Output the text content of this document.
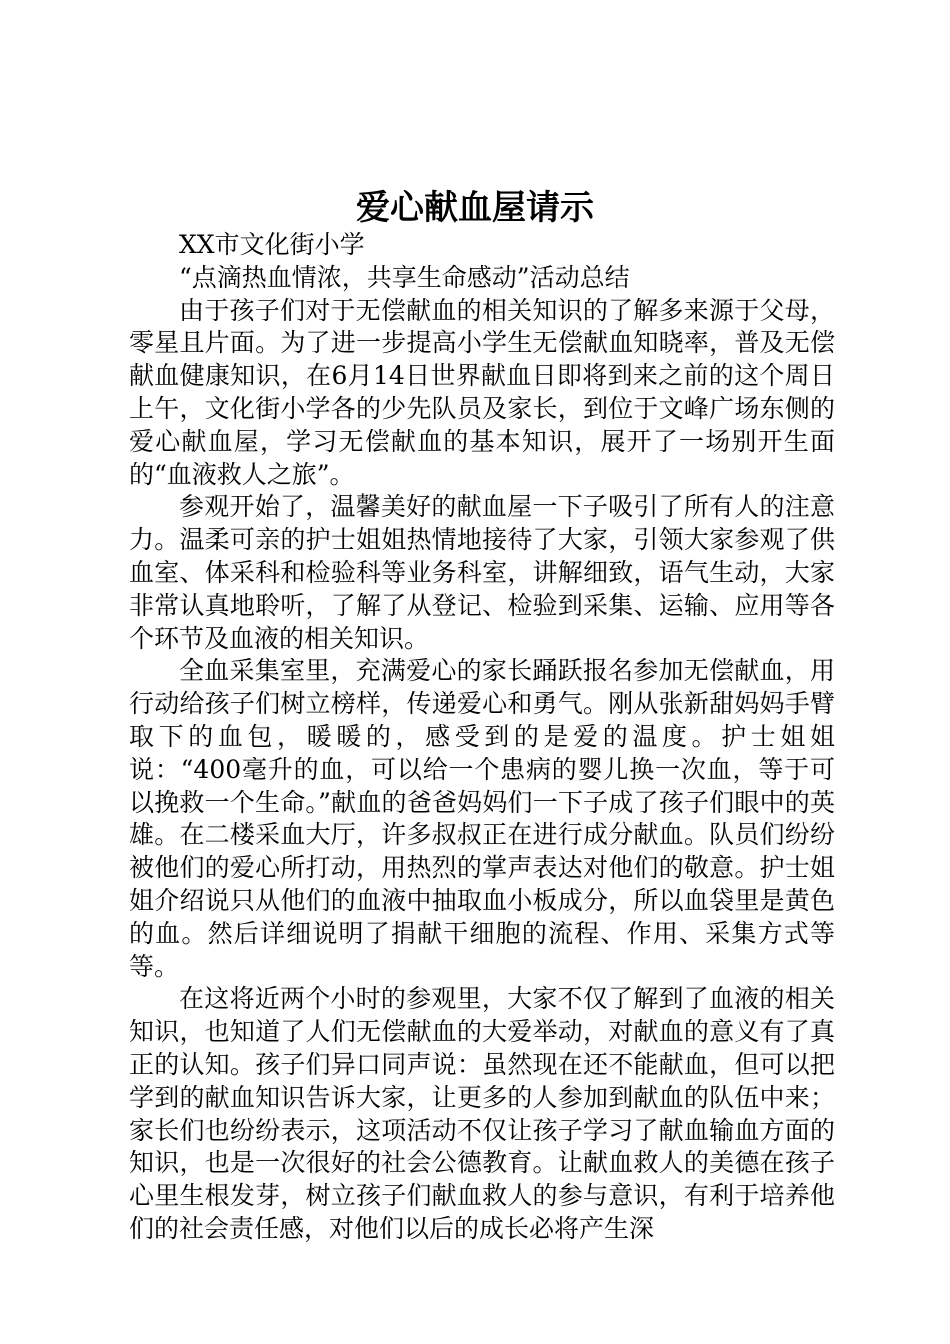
爱心献血屋请示

XX市文化街小学

“点滴热血情浓，共享生命感动”活动总结

由于孩子们对于无偿献血的相关知识的了解多来源于父母，零星且片面。为了进一步提高小学生无偿献血知晓率，普及无偿献血健康知识，在6月14日世界献血日即将到来之前的这个周日上午，文化街小学各的少先队员及家长，到位于文峰广场东侧的爱心献血屋，学习无偿献血的基本知识，展开了一场别开生面的“血液救人之旅”。

参观开始了，温馨美好的献血屋一下子吸引了所有人的注意力。温柔可亲的护士姐姐热情地接待了大家，引领大家参观了供血室、体采科和检验科等业务科室，讲解细致，语气生动，大家非常认真地聆听，了解了从登记、检验到采集、运输、应用等各个环节及血液的相关知识。

全血采集室里，充满爱心的家长踊跃报名参加无偿献血，用行动给孩子们树立榜样，传递爱心和勇气。刚从张新甜妈妈手臂取下的血包，暖暖的，感受到的是爱的温度。护士姐姐说：“400毫升的血，可以给一个患病的婴儿换一次血，等于可以挽救一个生命。”献血的爸爸妈妈们一下子成了孩子们眼中的英雄。在二楼采血大厅，许多叔叔正在进行成分献血。队员们纷纷被他们的爱心所打动，用热烈的掌声表达对他们的敬意。护士姐姐介绍说只从他们的血液中抽取血小板成分，所以血袋里是黄色的血。然后详细说明了捐献干细胞的流程、作用、采集方式等等。

在这将近两个小时的参观里，大家不仅了解到了血液的相关知识，也知道了人们无偿献血的大爱举动，对献血的意义有了真正的认知。孩子们异口同声说：虽然现在还不能献血，但可以把学到的献血知识告诉大家，让更多的人参加到献血的队伍中来；家长们也纷纷表示，这项活动不仅让孩子学习了献血输血方面的知识，也是一次很好的社会公德教育。让献血救人的美德在孩子心里生根发芽，树立孩子们献血救人的参与意识，有利于培养他们的社会责任感，对他们以后的成长必将产生深
